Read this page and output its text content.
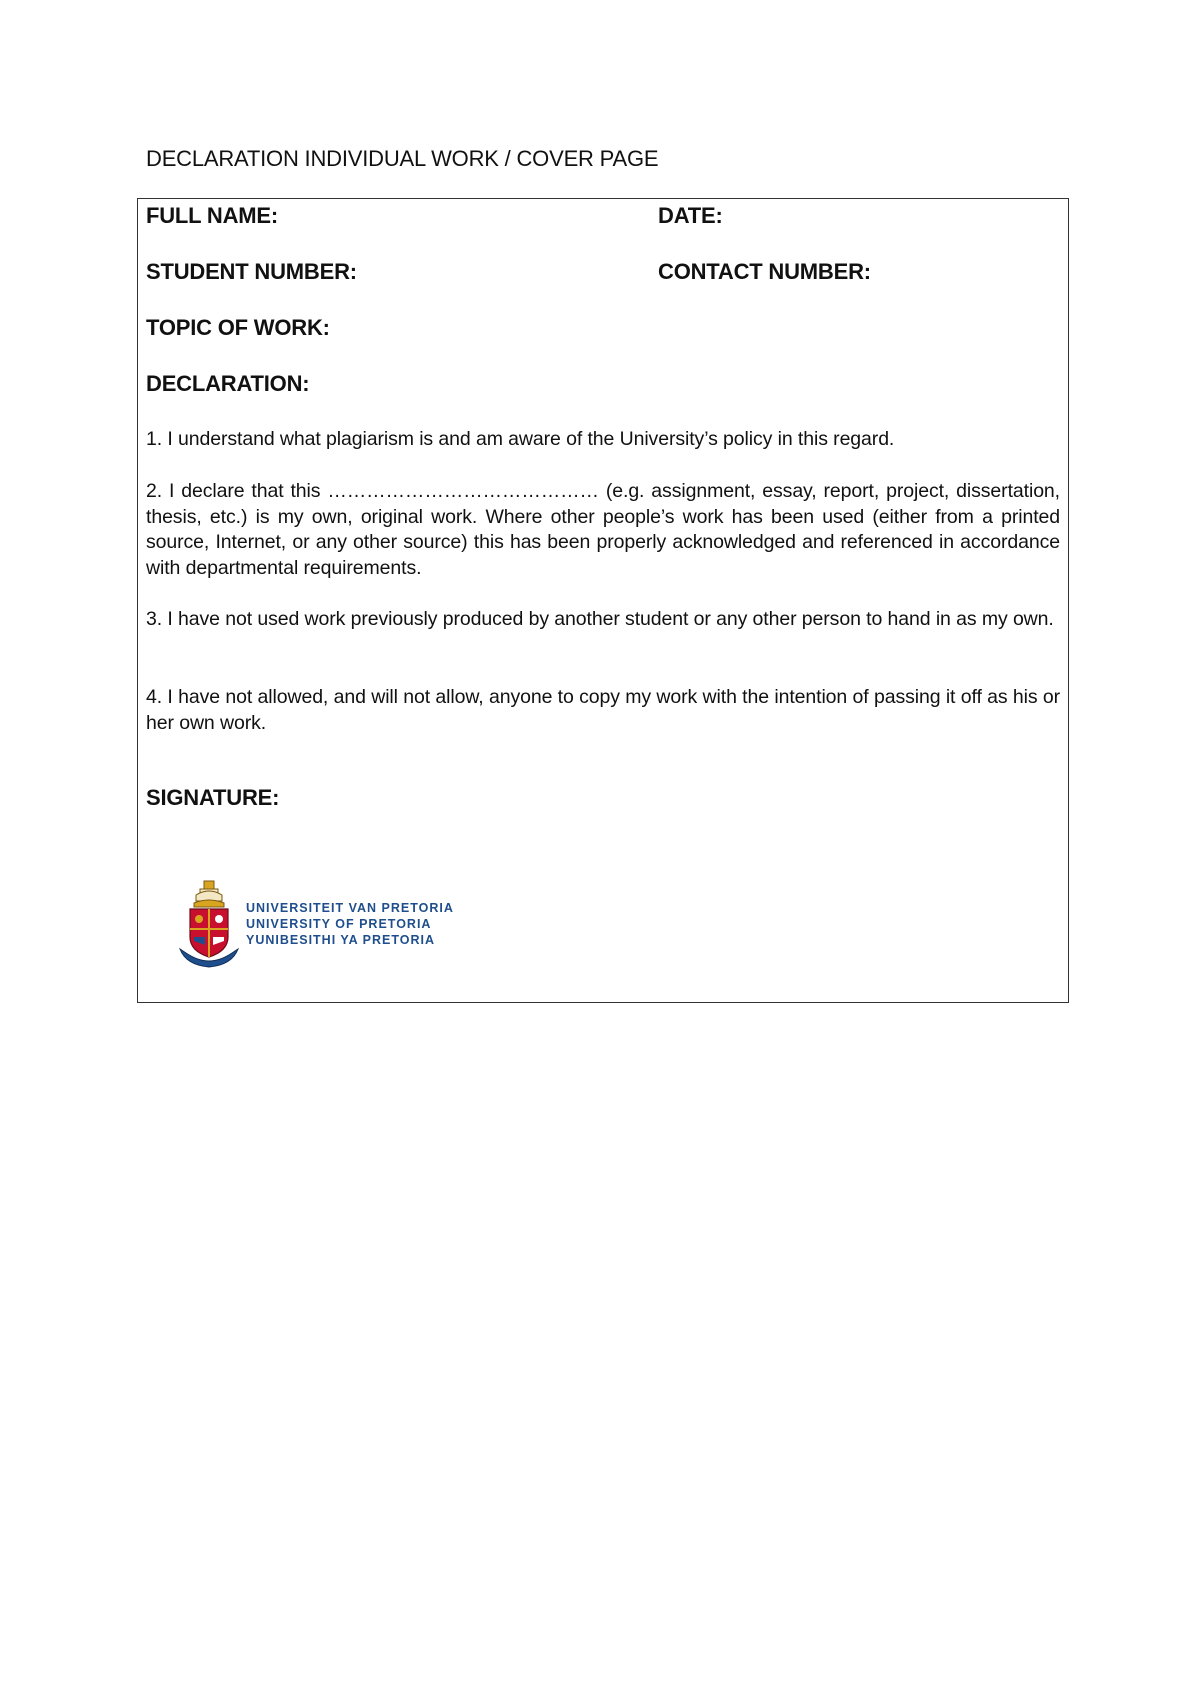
DECLARATION INDIVIDUAL WORK / COVER PAGE
FULL NAME:	DATE:
STUDENT NUMBER:	CONTACT NUMBER:
TOPIC OF WORK:
DECLARATION:
1. I understand what plagiarism is and am aware of the University’s policy in this regard.
2. I declare that this …………………………………… (e.g. assignment, essay, report, project, dissertation, thesis, etc.) is my own, original work. Where other people’s work has been used (either from a printed source, Internet, or any other source) this has been properly acknowledged and referenced in accordance with departmental requirements.
3. I have not used work previously produced by another student or any other person to hand in as my own.
4. I have not allowed, and will not allow, anyone to copy my work with the intention of passing it off as his or her own work.
SIGNATURE:
UNIVERSITEIT VAN PRETORIA
UNIVERSITY OF PRETORIA
YUNIBESITHI YA PRETORIA
